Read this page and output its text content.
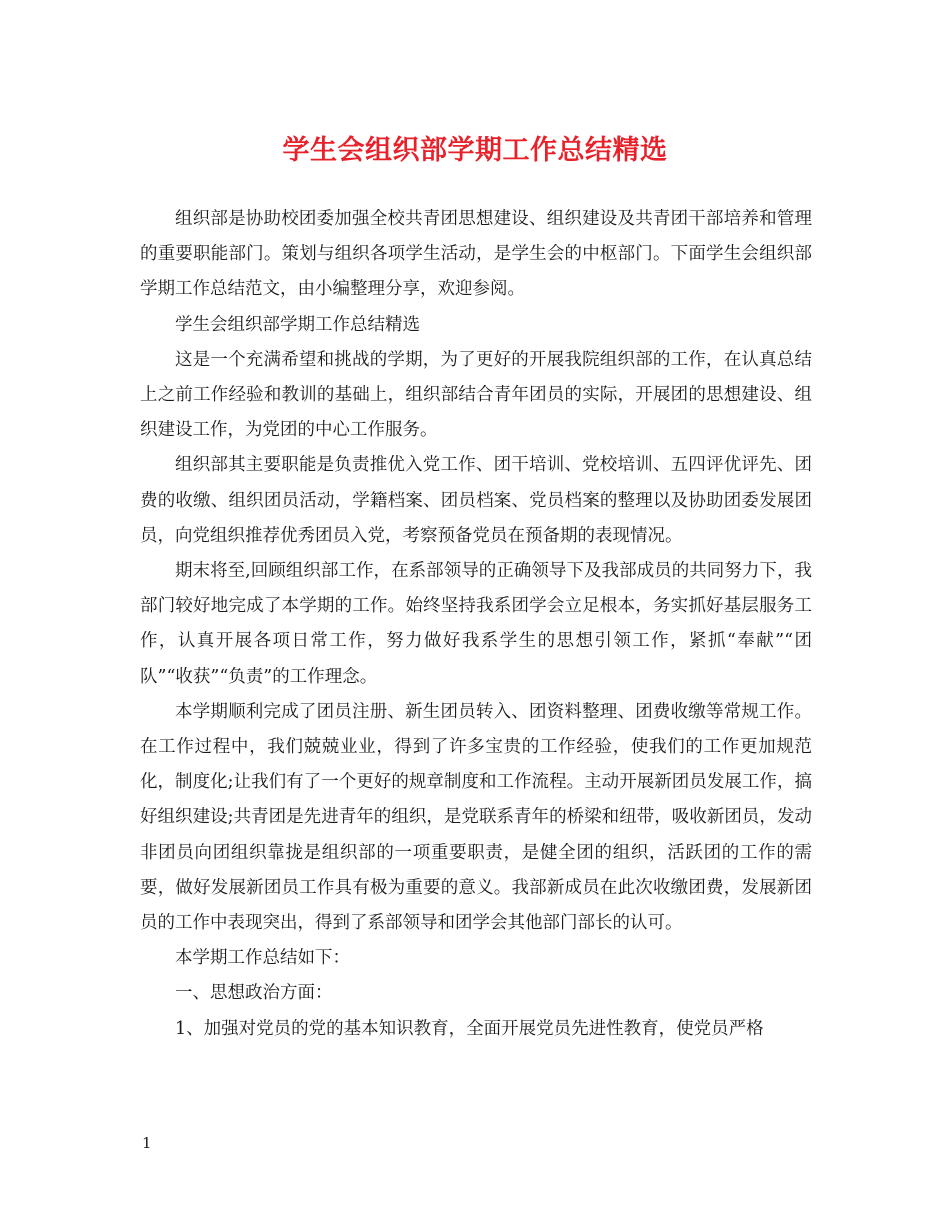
学生会组织部学期工作总结精选

组织部是协助校团委加强全校共青团思想建设、组织建设及共青团干部培养和管理的重要职能部门。策划与组织各项学生活动，是学生会的中枢部门。下面学生会组织部学期工作总结范文，由小编整理分享，欢迎参阅。

学生会组织部学期工作总结精选

这是一个充满希望和挑战的学期，为了更好的开展我院组织部的工作，在认真总结上之前工作经验和教训的基础上，组织部结合青年团员的实际，开展团的思想建设、组织建设工作，为党团的中心工作服务。

组织部其主要职能是负责推优入党工作、团干培训、党校培训、五四评优评先、团费的收缴、组织团员活动，学籍档案、团员档案、党员档案的整理以及协助团委发展团员，向党组织推荐优秀团员入党，考察预备党员在预备期的表现情况。

期末将至,回顾组织部工作，在系部领导的正确领导下及我部成员的共同努力下，我部门较好地完成了本学期的工作。始终坚持我系团学会立足根本，务实抓好基层服务工作，认真开展各项日常工作，努力做好我系学生的思想引领工作，紧抓“奉献”“团队”“收获”“负责”的工作理念。

本学期顺利完成了团员注册、新生团员转入、团资料整理、团费收缴等常规工作。在工作过程中，我们兢兢业业，得到了许多宝贵的工作经验，使我们的工作更加规范化，制度化;让我们有了一个更好的规章制度和工作流程。主动开展新团员发展工作，搞好组织建设;共青团是先进青年的组织，是党联系青年的桥梁和纽带，吸收新团员，发动非团员向团组织靠拢是组织部的一项重要职责，是健全团的组织，活跃团的工作的需要，做好发展新团员工作具有极为重要的意义。我部新成员在此次收缴团费，发展新团员的工作中表现突出，得到了系部领导和团学会其他部门部长的认可。

本学期工作总结如下：

一、思想政治方面：

1、加强对党员的党的基本知识教育，全面开展党员先进性教育，使党员严格

1
